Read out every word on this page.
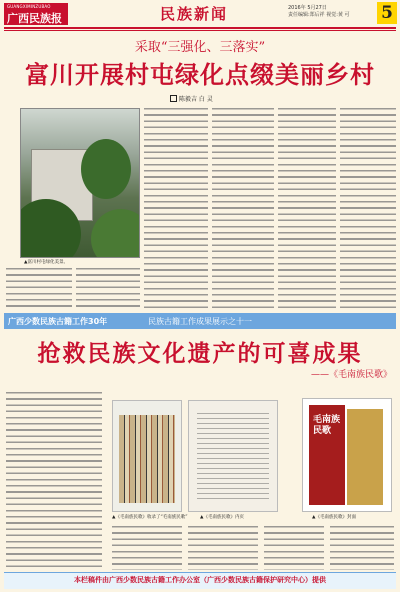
GUANGXIMINZUBAO
广西民族报	民族新闻	2016年 5月27日
责任编辑:郑后祥 视觉:黄 可 5
采取“三强化、三落实”
富川开展村屯绿化点缀美丽乡村
陈毅吉 白 灵
▲富川村屯绿化美景。
广西少数民族古籍工作30年	民族古籍工作成果展示之十一
抢救民族文化遗产的可喜成果
——《毛南族民歌》
毛南族民歌
▲《毛南族民歌》收录了“毛南族民歌”	▲《毛南族民歌》内页	▲《毛南族民歌》封面
本栏稿件由广西少数民族古籍工作办公室（广西少数民族古籍保护研究中心）提供
